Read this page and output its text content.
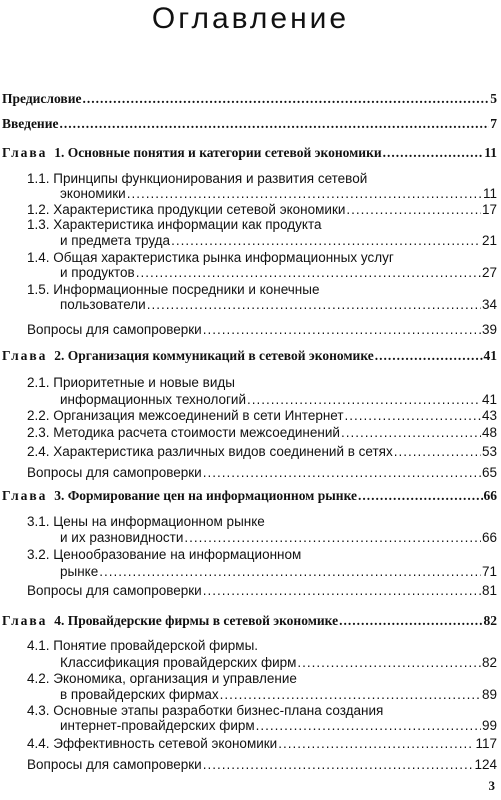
Оглавление
Предисловие .....	5
Введение .....	7
Глава 1. Основные понятия и категории сетевой экономики .....	11
1.1. Принципы функционирования и развития сетевой
экономики .....	11
1.2. Характеристика продукции сетевой экономики .....	17
1.3. Характеристика информации как продукта
и предмета труда .....	21
1.4. Общая характеристика рынка информационных услуг
и продуктов .....	27
1.5. Информационные посредники и конечные
пользователи .....	34
Вопросы для самопроверки .....	39
Глава 2. Организация коммуникаций в сетевой экономике .....	41
2.1. Приоритетные и новые виды
информационных технологий .....	41
2.2. Организация межсоединений в сети Интернет .....	43
2.3. Методика расчета стоимости межсоединений .....	48
2.4. Характеристика различных видов соединений в сетях .....	53
Вопросы для самопроверки .....	65
Глава 3. Формирование цен на информационном рынке .....	66
3.1. Цены на информационном рынке
и их разновидности .....	66
3.2. Ценообразование на информационном
рынке .....	71
Вопросы для самопроверки .....	81
Глава 4. Провайдерские фирмы в сетевой экономике .....	82
4.1. Понятие провайдерской фирмы.
Классификация провайдерских фирм .....	82
4.2. Экономика, организация и управление
в провайдерских фирмах .....	89
4.3. Основные этапы разработки бизнес-плана создания
интернет-провайдерских фирм .....	99
4.4. Эффективность сетевой экономики .....	117
Вопросы для самопроверки .....	124
3
